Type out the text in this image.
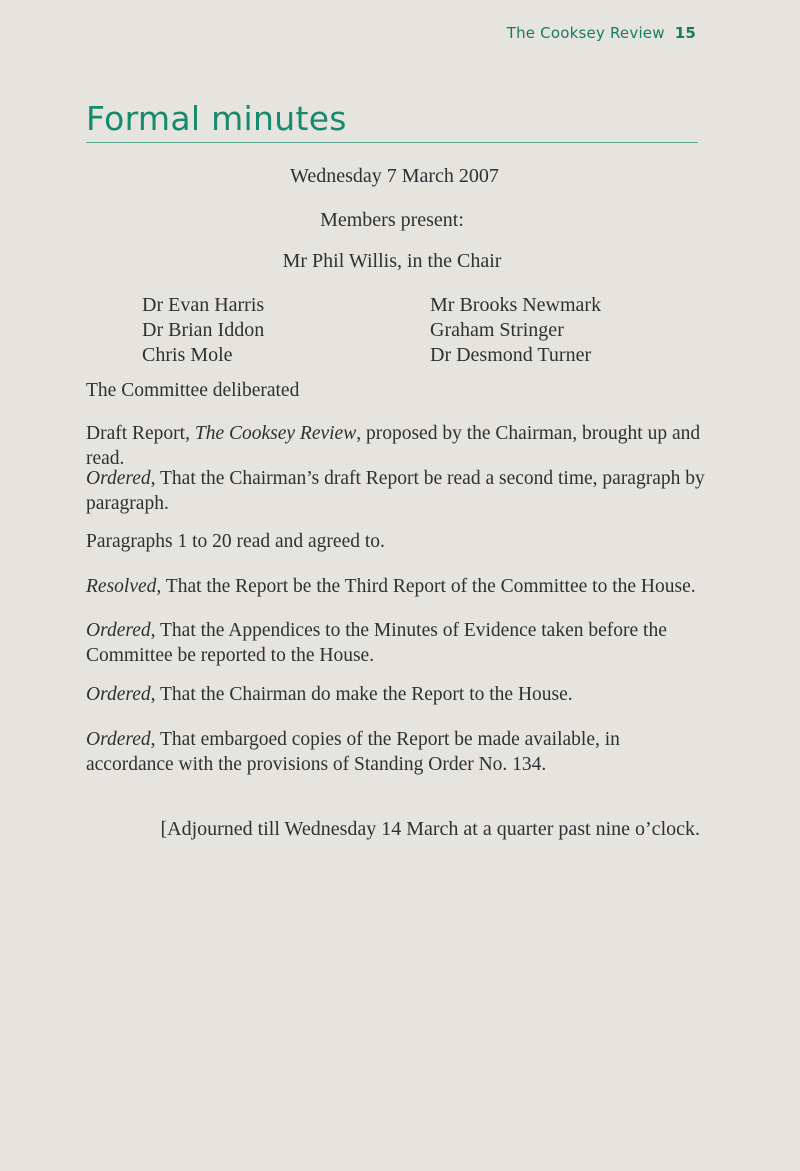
The Cooksey Review 15
Formal minutes
Wednesday 7 March 2007
Members present:
Mr Phil Willis, in the Chair
Dr Evan Harris	Mr Brooks Newmark
Dr Brian Iddon	Graham Stringer
Chris Mole	Dr Desmond Turner

The Committee deliberated

Draft Report, The Cooksey Review, proposed by the Chairman, brought up and read.

Ordered, That the Chairman’s draft Report be read a second time, paragraph by paragraph.

Paragraphs 1 to 20 read and agreed to.

Resolved, That the Report be the Third Report of the Committee to the House.

Ordered, That the Appendices to the Minutes of Evidence taken before the Committee be reported to the House.

Ordered, That the Chairman do make the Report to the House.

Ordered, That embargoed copies of the Report be made available, in accordance with the provisions of Standing Order No. 134.

[Adjourned till Wednesday 14 March at a quarter past nine o’clock.
